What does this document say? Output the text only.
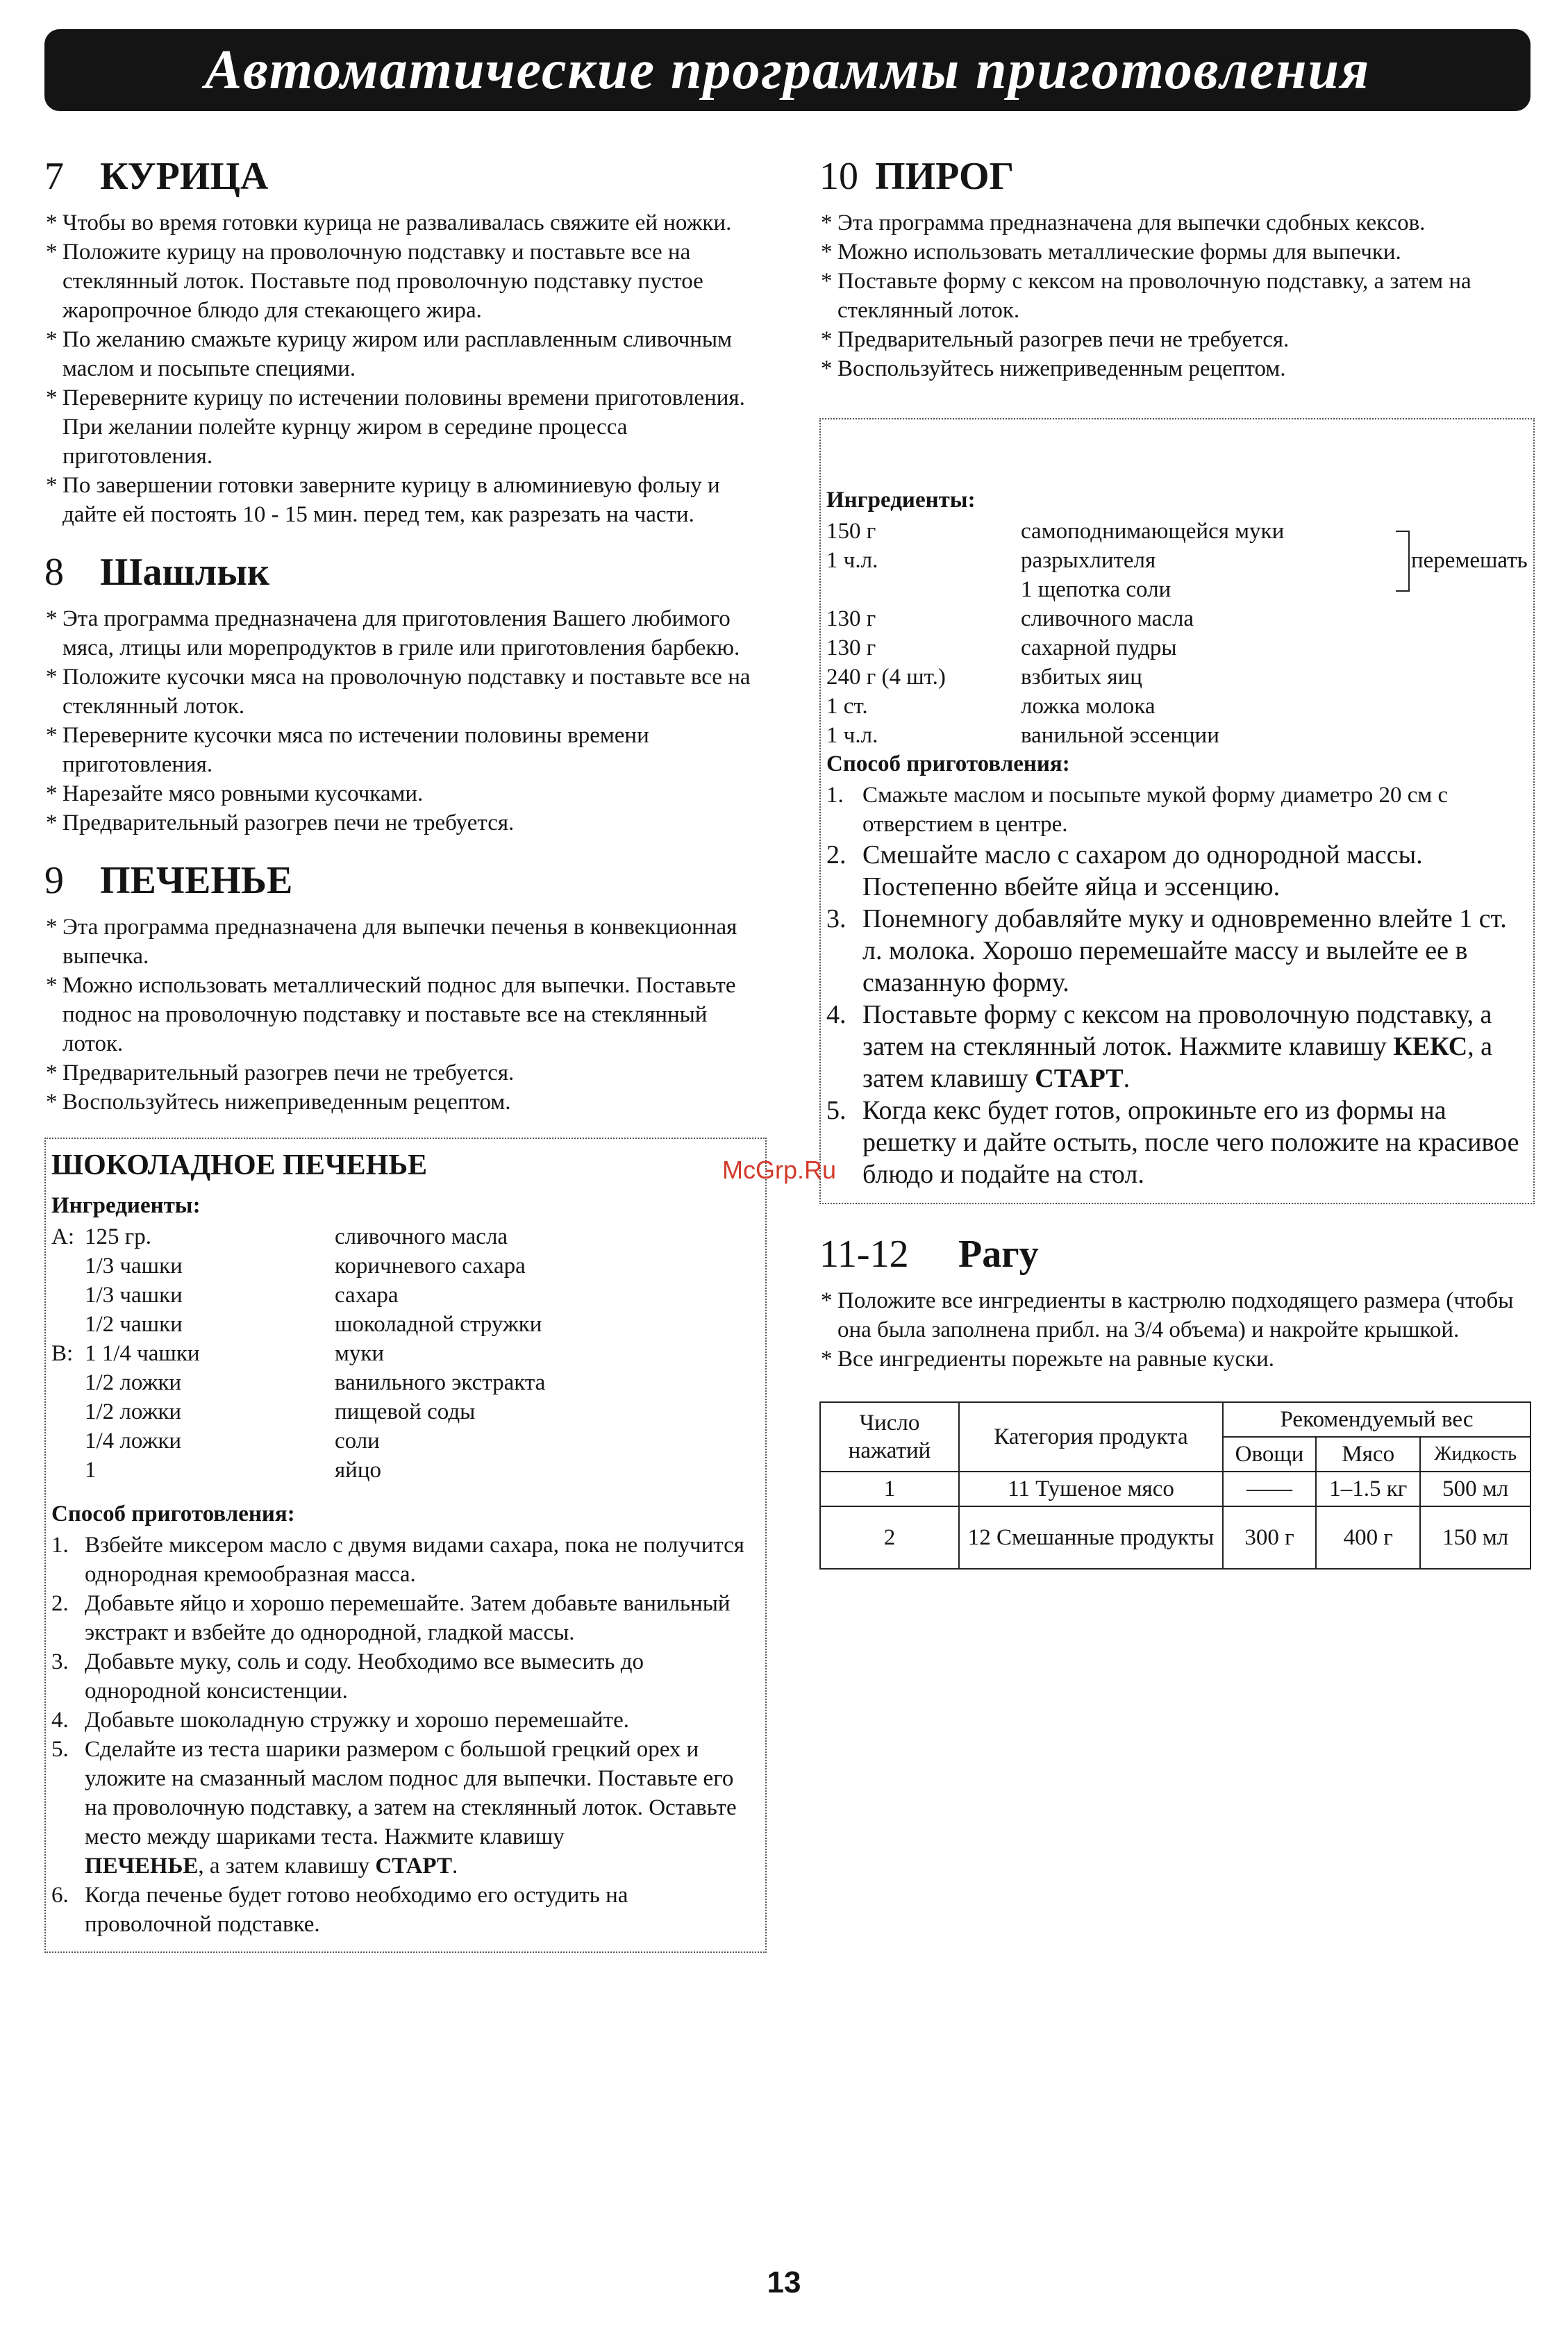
Автоматические программы приготовления
7 КУРИЦА
* Чтобы во время готовки курица не разваливалась свяжите ей ножки.
* Положите курицу на проволочную подставку и поставьте все на стеклянный лоток. Поставьте под проволочную подставку пустое жаропрочное блюдо для стекающего жира.
* По желанию смажьте курицу жиром или расплавленным сливочным маслом и посыпьте специями.
* Переверните курицу по истечении половины времени приготовления. При желании полейте курнцу жиром в середине процесса приготовления.
* По завершении готовки заверните курицу в алюминиевую фолыу и дайте ей постоять 10 - 15 мин. перед тем, как разрезать на части.
8 Шашлык
* Эта программа предназначена для приготовления Вашего любимого мяса, лтицы или морепродуктов в гриле или приготовления барбекю.
* Положите кусочки мяса на проволочную подставку и поставьте все на стеклянный лоток.
* Переверните кусочки мяса по истечении половины времени приготовления.
* Нарезайте мясо ровными кусочками.
* Предварительный разогрев печи не требуется.
9 ПЕЧЕНЬЕ
* Эта программа предназначена для выпечки печенья в конвекционная выпечка.
* Можно использовать металлический поднос для выпечки. Поставьте поднос на проволочную подставку и поставьте все на стеклянный лоток.
* Предварительный разогрев печи не требуется.
* Воспользуйтесь нижеприведенным рецептом.
ШОКОЛАДНОЕ ПЕЧЕНЬЕ
Ингредиенты:
A: 125 гр.	сливочного масла
1/3 чашки	коричневого сахара
1/3 чашки	сахара
1/2 чашки	шоколадной стружки
B: 1 1/4 чашки	муки
1/2 ложки	ванильного экстракта
1/2 ложки	пищевой соды
1/4 ложки	соли
1	яйцо
Способ приготовления:
1. Взбейте миксером масло с двумя видами сахара, пока не получится однородная кремообразная масса.
2. Добавьте яйцо и хорошо перемешайте. Затем добавьте ванильный экстракт и взбейте до однородной, гладкой массы.
3. Добавьте муку, соль и соду. Необходимо все вымесить до однородной консистенции.
4. Добавьте шоколадную стружку и хорошо перемешайте.
5. Сделайте из теста шарики размером с большой грецкий орех и уложите на смазанный маслом поднос для выпечки. Поставьте его на проволочную подставку, а затем на стеклянный лоток. Оставьте место между шариками теста. Нажмите клавишу
ПЕЧЕНЬЕ, а затем клавишу СТАРТ.
6. Когда печенье будет готово необходимо его остудить на проволочной подставке.
10 ПИРОГ
* Эта программа предназначена для выпечки сдобных кексов.
* Можно использовать металлические формы для выпечки.
* Поставьте форму с кексом на проволочную подставку, а затем на стеклянный лоток.
* Предварительный разогрев печи не требуется.
* Воспользуйтесь нижеприведенным рецептом.
Ингредиенты:
150 г	самоподнимающейся муки
1 ч.л.	разрыхлителя
1 щепотка соли
130 г	сливочного масла
130 г	сахарной пудры
240 г (4 шт.)	взбитых яиц
1 ст.	ложка молока
1 ч.л.	ванильной эссенции
перемешать
Способ приготовления:
1. Смажьте маслом и посыпьте мукой форму диаметро 20 см с отверстием в центре.
2. Смешайте масло с сахаром до однородной массы. Постепенно вбейте яйца и эссенцию.
3. Понемногу добавляйте муку и одновременно влейте 1 ст. л. молока. Хорошо перемешайте массу и вылейте ее в смазанную форму.
4. Поставьте форму с кексом на проволочную подставку, а затем на стеклянный лоток. Нажмите клавишу КЕКС, а затем клавишу СТАРТ.
5. Когда кекс будет готов, опрокиньте его из формы на решетку и дайте остыть, после чего положите на красивое блюдо и подайте на стол.
11-12 Рагу
* Положите все ингредиенты в кастрюлю подходящего размера (чтобы она была заполнена прибл. на 3/4 объема) и накройте крышкой.
* Все ингредиенты порежьте на равные куски.
Число нажатий	Категория продукта	Рекомендуемый вес		
		Овощи	Мясо	Жидкость
1	11 Тушеное мясо	——	1–1.5 кг	500 мл
2	12 Смешанные продукты	300 г	400 г	150 мл
McGrp.Ru
13
